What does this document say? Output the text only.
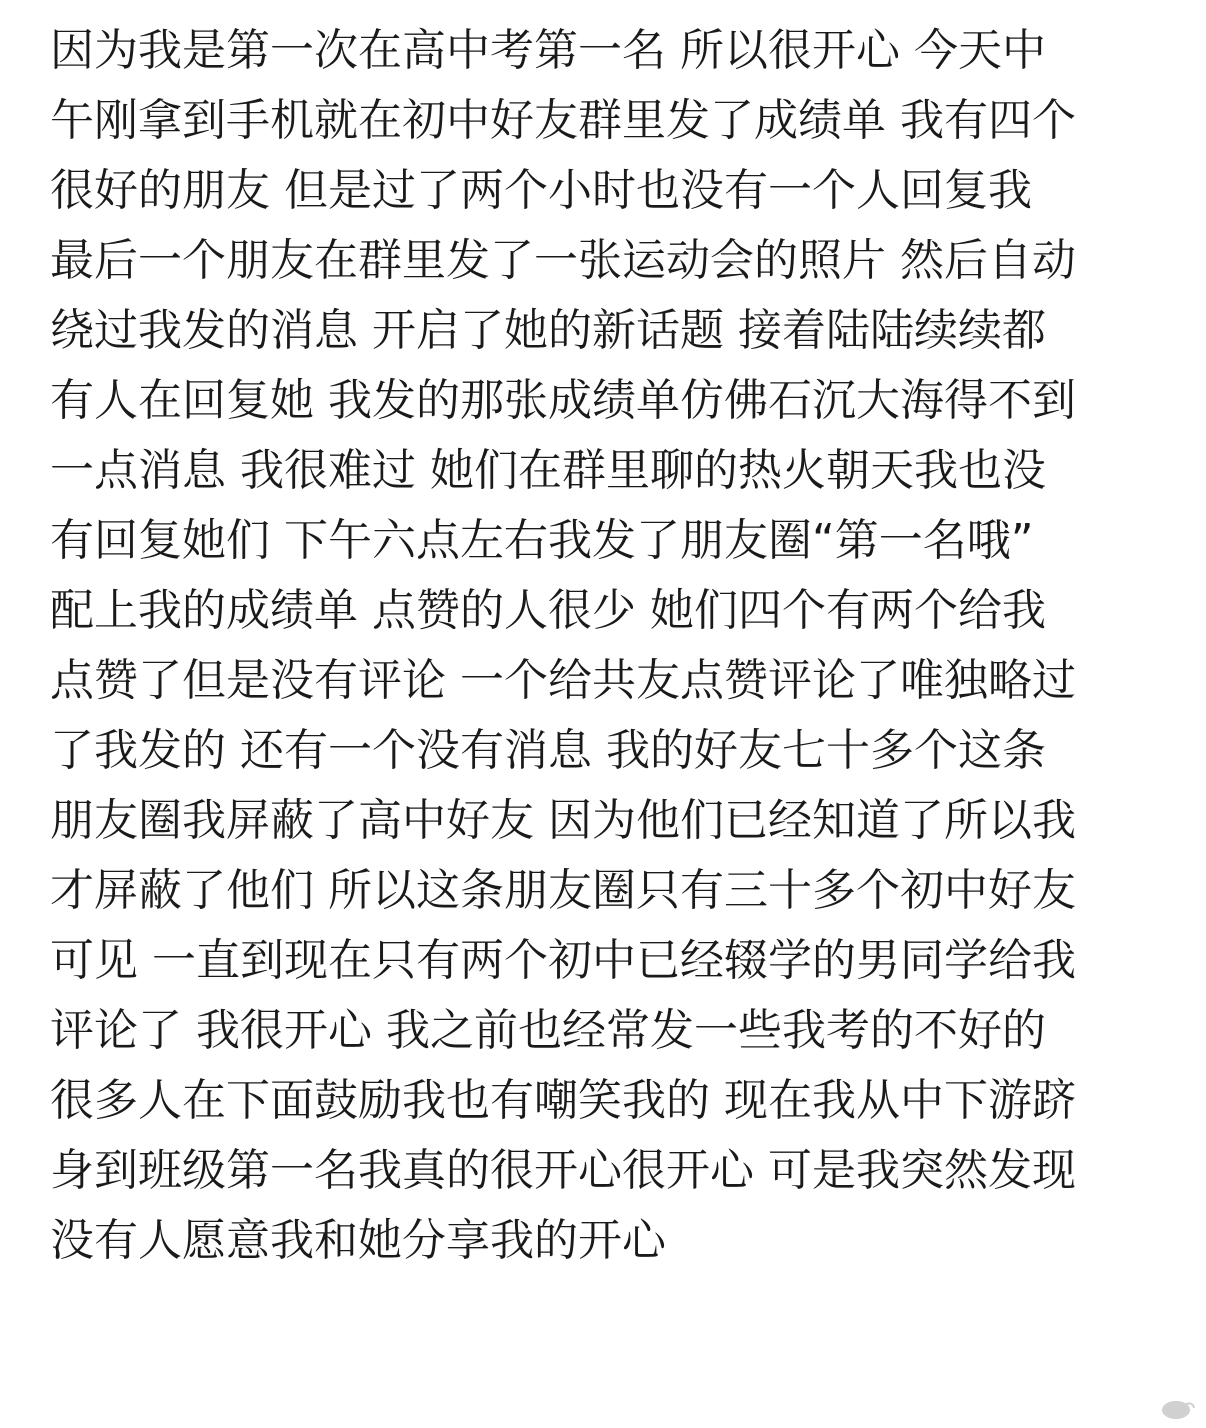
因为我是第一次在高中考第一名 所以很开心 今天中

午刚拿到手机就在初中好友群里发了成绩单 我有四个

很好的朋友 但是过了两个小时也没有一个人回复我

最后一个朋友在群里发了一张运动会的照片 然后自动

绕过我发的消息 开启了她的新话题 接着陆陆续续都

有人在回复她 我发的那张成绩单仿佛石沉大海得不到

一点消息 我很难过 她们在群里聊的热火朝天我也没

有回复她们 下午六点左右我发了朋友圈“第一名哦”

配上我的成绩单 点赞的人很少 她们四个有两个给我

点赞了但是没有评论 一个给共友点赞评论了唯独略过

了我发的 还有一个没有消息 我的好友七十多个这条

朋友圈我屏蔽了高中好友 因为他们已经知道了所以我

才屏蔽了他们 所以这条朋友圈只有三十多个初中好友

可见 一直到现在只有两个初中已经辍学的男同学给我

评论了 我很开心 我之前也经常发一些我考的不好的

很多人在下面鼓励我也有嘲笑我的 现在我从中下游跻

身到班级第一名我真的很开心很开心 可是我突然发现

没有人愿意我和她分享我的开心
